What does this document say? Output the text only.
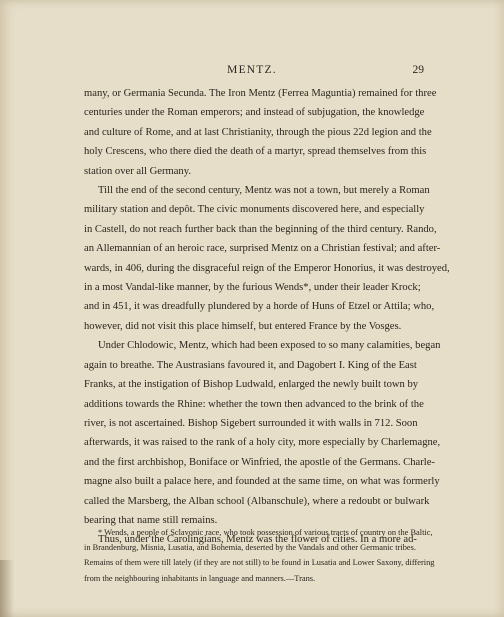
MENTZ.	29

many, or Germania Secunda. The Iron Mentz (Ferrea Maguntia) remained for three
centuries under the Roman emperors; and instead of subjugation, the knowledge
and culture of Rome, and at last Christianity, through the pious 22d legion and the
holy Crescens, who there died the death of a martyr, spread themselves from this
station over all Germany.

Till the end of the second century, Mentz was not a town, but merely a Roman
military station and depôt. The civic monuments discovered here, and especially
in Castell, do not reach further back than the beginning of the third century. Rando,
an Allemannian of an heroic race, surprised Mentz on a Christian festival; and after-
wards, in 406, during the disgraceful reign of the Emperor Honorius, it was destroyed,
in a most Vandal-like manner, by the furious Wends*, under their leader Krock;
and in 451, it was dreadfully plundered by a horde of Huns of Etzel or Attila; who,
however, did not visit this place himself, but entered France by the Vosges.

Under Chlodowic, Mentz, which had been exposed to so many calamities, began
again to breathe. The Austrasians favoured it, and Dagobert I. King of the East
Franks, at the instigation of Bishop Ludwald, enlarged the newly built town by
additions towards the Rhine: whether the town then advanced to the brink of the
river, is not ascertained. Bishop Sigebert surrounded it with walls in 712. Soon
afterwards, it was raised to the rank of a holy city, more especially by Charlemagne,
and the first archbishop, Boniface or Winfried, the apostle of the Germans. Charle-
magne also built a palace here, and founded at the same time, on what was formerly
called the Marsberg, the Alban school (Albanschule), where a redoubt or bulwark
bearing that name still remains.

Thus, under the Carolingians, Mentz was the flower of cities. In a more ad-

* Wends, a people of Sclavonic race, who took possession of various tracts of country on the Baltic,
in Brandenburg, Misnia, Lusatia, and Bohemia, deserted by the Vandals and other Germanic tribes.
Remains of them were till lately (if they are not still) to be found in Lusatia and Lower Saxony, differing
from the neighbouring inhabitants in language and manners.—Trans.
